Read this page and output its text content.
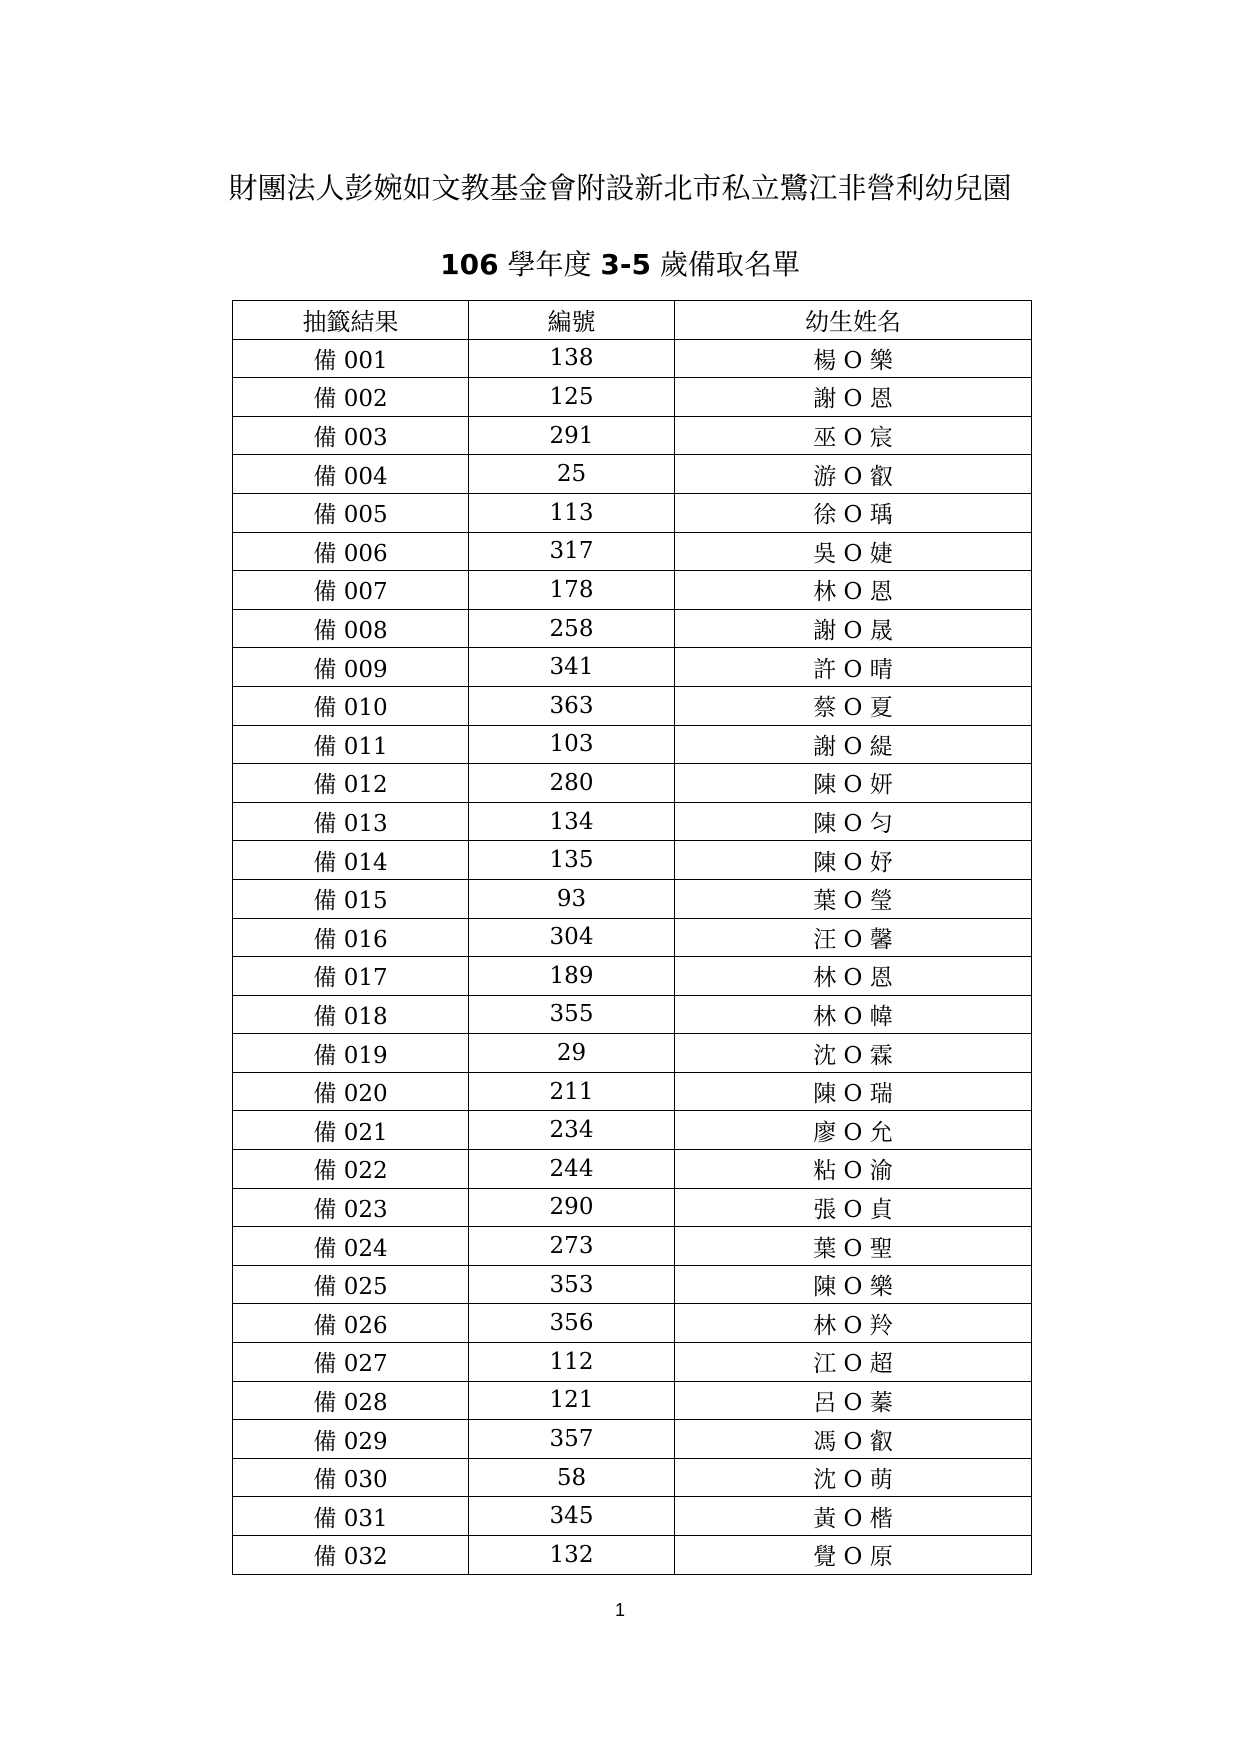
財團法人彭婉如文教基金會附設新北市私立鷺江非營利幼兒園
106 學年度 3-5 歲備取名單
抽籤結果	編號	幼生姓名
備 001	138	楊 O 樂
備 002	125	謝 O 恩
備 003	291	巫 O 宸
備 004	25	游 O 叡
備 005	113	徐 O 瑀
備 006	317	吳 O 婕
備 007	178	林 O 恩
備 008	258	謝 O 晟
備 009	341	許 O 晴
備 010	363	蔡 O 夏
備 011	103	謝 O 緹
備 012	280	陳 O 妍
備 013	134	陳 O 匀
備 014	135	陳 O 妤
備 015	93	葉 O 瑩
備 016	304	汪 O 馨
備 017	189	林 O 恩
備 018	355	林 O 幃
備 019	29	沈 O 霖
備 020	211	陳 O 瑞
備 021	234	廖 O 允
備 022	244	粘 O 渝
備 023	290	張 O 貞
備 024	273	葉 O 聖
備 025	353	陳 O 樂
備 026	356	林 O 羚
備 027	112	江 O 超
備 028	121	呂 O 蓁
備 029	357	馮 O 叡
備 030	58	沈 O 萌
備 031	345	黃 O 楷
備 032	132	覺 O 原
1
